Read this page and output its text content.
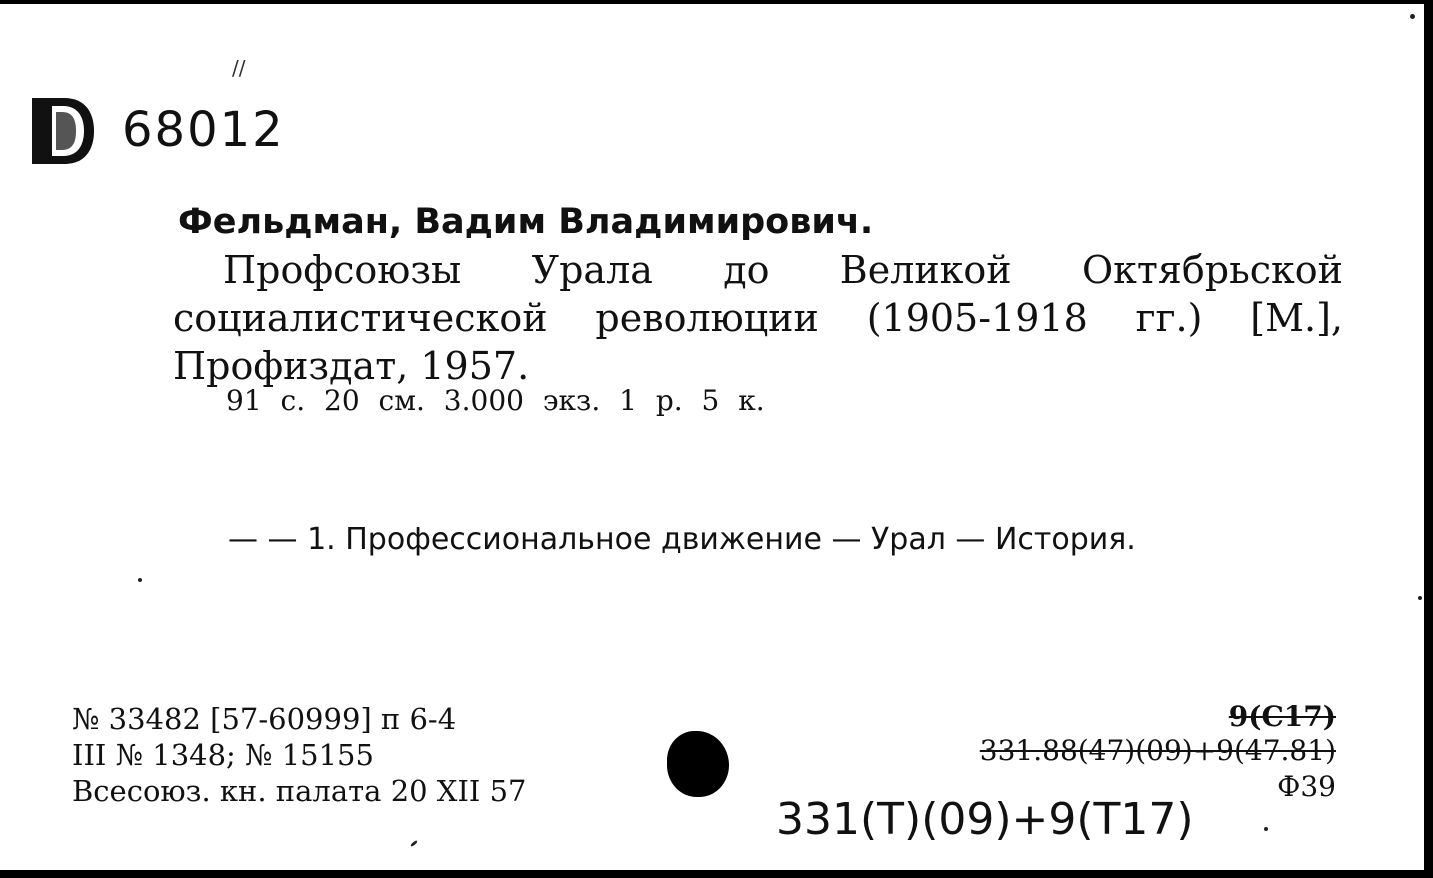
D
//
68012
Фельдман, Вадим Владимирович.
Профсоюзы Урала до Великой Октябрьской социалистической революции (1905-1918 гг.) [М.], Профиздат, 1957.
91 с. 20 см. 3.000 экз. 1 р. 5 к.
— — 1. Профессиональное движение — Урал — История.
№ 33482 [57-60999] п 6-4
III № 1348; № 15155
Всесоюз. кн. палата 20 XII 57
9(С17)
331.88(47)(09)+9(47.81)
Ф39
331(Т)(09)+9(Т17)
